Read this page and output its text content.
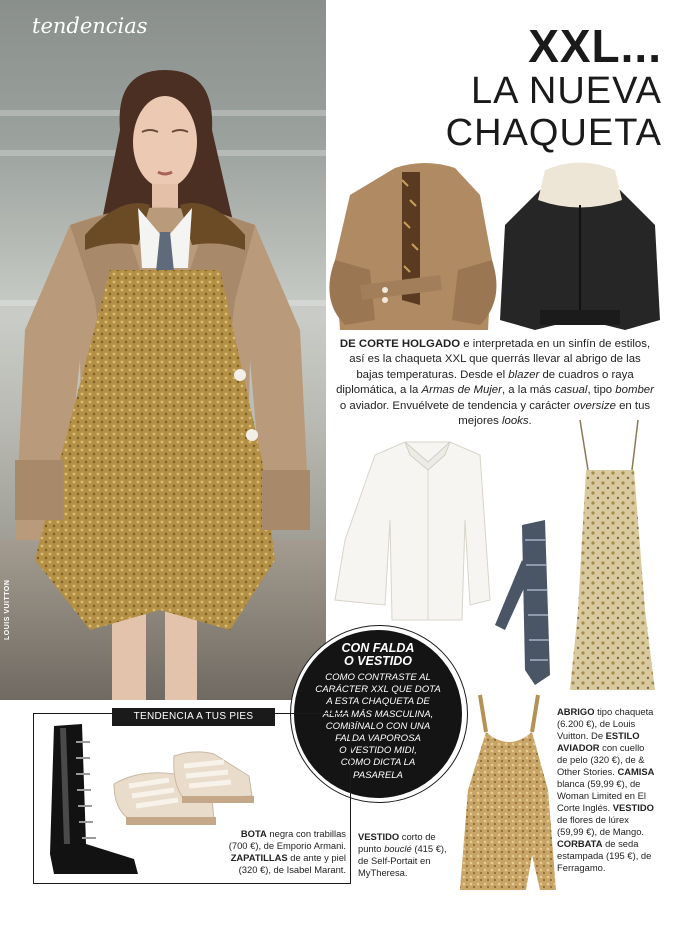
tendencias
LOUIS VUITTON
XXL...
LA NUEVA
CHAQUETA
DE CORTE HOLGADO e interpretada en un sinfín de estilos, así es la chaqueta XXL que querrás llevar al abrigo de las bajas temperaturas. Desde el blazer de cuadros o raya diplomática, a la Armas de Mujer, a la más casual, tipo bomber o aviador. Envuélvete de tendencia y carácter oversize en tus mejores looks.
CON FALDA
O VESTIDO
COMO CONTRASTE AL
CARÁCTER XXL QUE DOTA
A ESTA CHAQUETA DE
ALMA MÁS MASCULINA,
COMBÍNALO CON UNA
FALDA VAPOROSA
O VESTIDO MIDI,
COMO DICTA LA
PASARELA
TENDENCIA A TUS PIES
BOTA negra con trabillas (700 €), de Emporio Armani. ZAPATILLAS de ante y piel (320 €), de Isabel Marant.
VESTIDO corto de punto bouclé (415 €), de Self-Portait en MyTheresa.
ABRIGO tipo chaqueta (6.200 €), de Louis Vuitton. De ESTILO AVIADOR con cuello de pelo (320 €), de & Other Stories. CAMISA blanca (59,99 €), de Woman Limited en El Corte Inglés. VESTIDO de flores de lúrex (59,99 €), de Mango. CORBATA de seda estampada (195 €), de Ferragamo.
